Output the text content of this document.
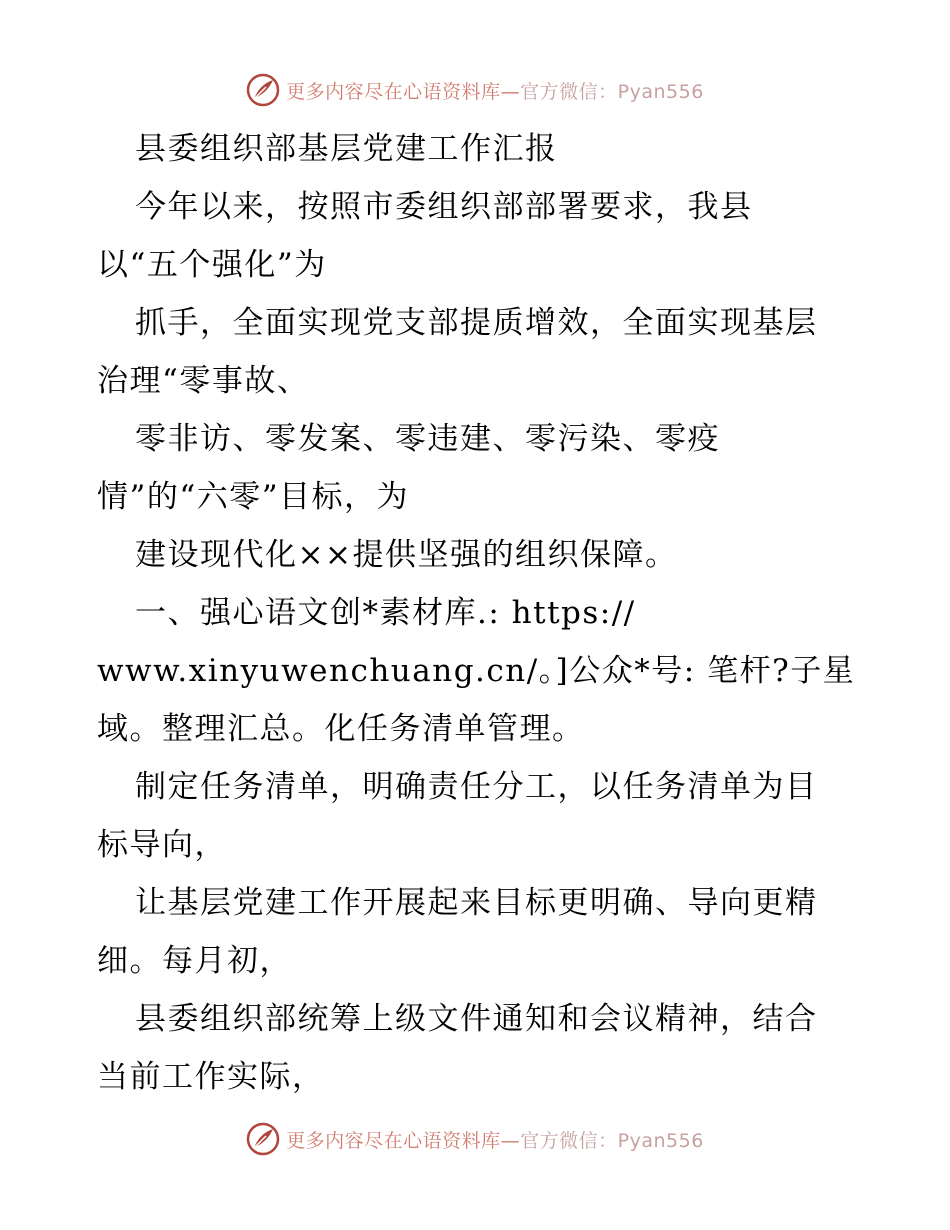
更多内容尽在心语资料库—官方微信：Pyan556
县委组织部基层党建工作汇报
今年以来，按照市委组织部部署要求，我县
以“五个强化”为
抓手，全面实现党支部提质增效，全面实现基层
治理“零事故、
零非访、零发案、零违建、零污染、零疫
情”的“六零”目标，为
建设现代化××提供坚强的组织保障。
一、强心语文创*素材库.: https://
www.xinyuwenchuang.cn/。]公众*号: 笔杆?子星
域。整理汇总。化任务清单管理。
制定任务清单，明确责任分工，以任务清单为目
标导向，
让基层党建工作开展起来目标更明确、导向更精
细。每月初，
县委组织部统筹上级文件通知和会议精神，结合
当前工作实际，
更多内容尽在心语资料库—官方微信：Pyan556
